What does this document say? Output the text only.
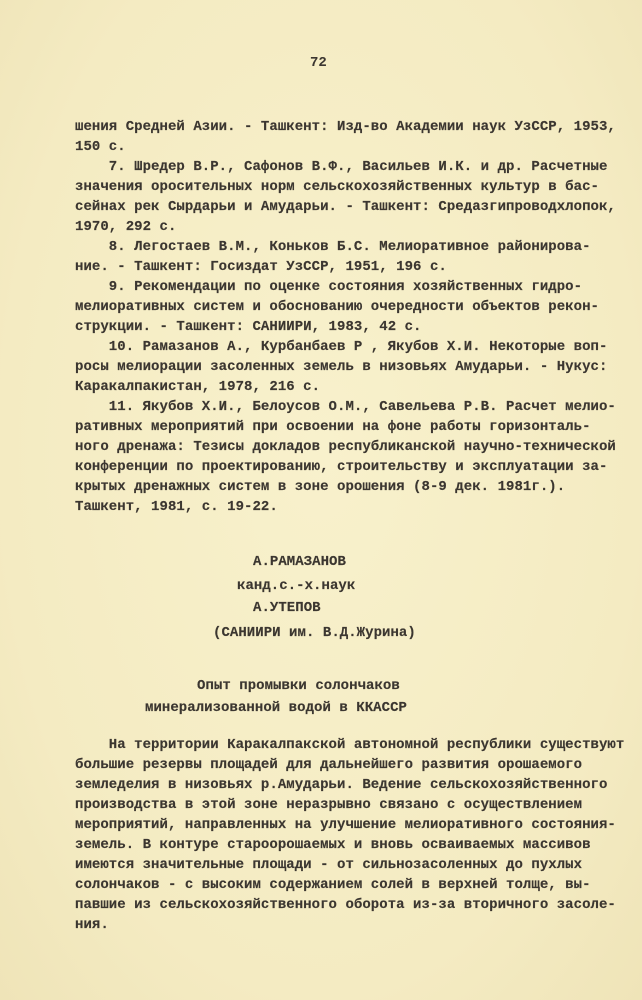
72
шения Средней Азии. - Ташкент: Изд-во Академии наук УзССР, 1953,
150 с.
7. Шредер В.Р., Сафонов В.Ф., Васильев И.К. и др. Расчетные
значения оросительных норм сельскохозяйственных культур в бас-
сейнах рек Сырдарьи и Амударьи. - Ташкент: Средазгипроводхлопок,
1970, 292 с.
8. Легостаев В.М., Коньков Б.С. Мелиоративное районирова-
ние. - Ташкент: Госиздат УзССР, 1951, 196 с.
9. Рекомендации по оценке состояния хозяйственных гидро-
мелиоративных систем и обоснованию очередности объектов рекон-
струкции. - Ташкент: САНИИРИ, 1983, 42 с.
10. Рамазанов А., Курбанбаев Р , Якубов Х.И. Некоторые воп-
росы мелиорации засоленных земель в низовьях Амударьи. - Нукус:
Каракалпакистан, 1978, 216 с.
11. Якубов Х.И., Белоусов О.М., Савельева Р.В. Расчет мелио-
ративных мероприятий при освоении на фоне работы горизонталь-
ного дренажа: Тезисы докладов республиканской научно-технической
конференции по проектированию, строительству и эксплуатации за-
крытых дренажных систем в зоне орошения (8-9 дек. 1981г.).
Ташкент, 1981, с. 19-22.
А.РАМАЗАНОВ
канд.с.-х.наук
А.УТЕПОВ
(САНИИРИ им. В.Д.Журина)
Опыт промывки солончаков
минерализованной водой в ККАССР
На территории Каракалпакской автономной республики существуют
большие резервы площадей для дальнейшего развития орошаемого
земледелия в низовьях р.Амударьи. Ведение сельскохозяйственного
производства в этой зоне неразрывно связано с осуществлением
мероприятий, направленных на улучшение мелиоративного состояния-
земель. В контуре староорошаемых и вновь осваиваемых массивов
имеются значительные площади - от сильнозасоленных до пухлых
солончаков - с высоким содержанием солей в верхней толще, вы-
павшие из сельскохозяйственного оборота из-за вторичного засоле-
ния.
